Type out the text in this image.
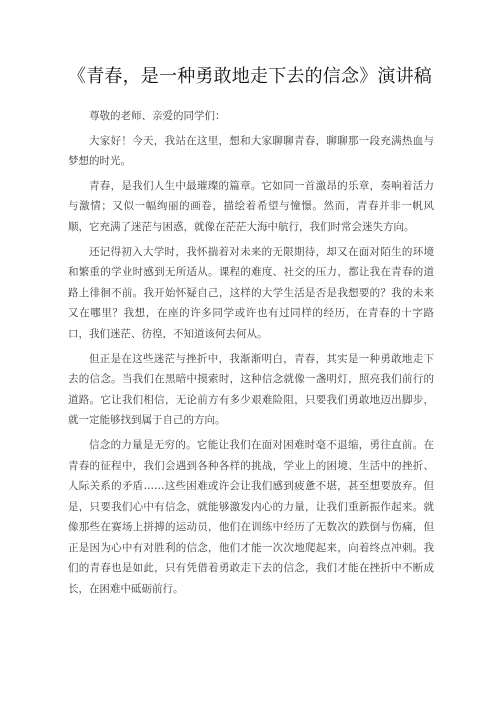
《青春，是一种勇敢地走下去的信念》演讲稿

尊敬的老师、亲爱的同学们：

大家好！今天，我站在这里，想和大家聊聊青春，聊聊那一段充满热血与梦想的时光。

青春，是我们人生中最璀璨的篇章。它如同一首激昂的乐章，奏响着活力与激情；又似一幅绚丽的画卷，描绘着希望与憧憬。然而，青春并非一帆风顺，它充满了迷茫与困惑，就像在茫茫大海中航行，我们时常会迷失方向。

还记得初入大学时，我怀揣着对未来的无限期待，却又在面对陌生的环境和繁重的学业时感到无所适从。课程的难度、社交的压力，都让我在青春的道路上徘徊不前。我开始怀疑自己，这样的大学生活是否是我想要的？我的未来又在哪里？我想，在座的许多同学或许也有过同样的经历，在青春的十字路口，我们迷茫、彷徨，不知道该何去何从。

但正是在这些迷茫与挫折中，我渐渐明白，青春，其实是一种勇敢地走下去的信念。当我们在黑暗中摸索时，这种信念就像一盏明灯，照亮我们前行的道路。它让我们相信，无论前方有多少艰难险阻，只要我们勇敢地迈出脚步，就一定能够找到属于自己的方向。

信念的力量是无穷的。它能让我们在面对困难时毫不退缩，勇往直前。在青春的征程中，我们会遇到各种各样的挑战，学业上的困境、生活中的挫折、人际关系的矛盾……这些困难或许会让我们感到疲惫不堪，甚至想要放弃。但是，只要我们心中有信念，就能够激发内心的力量，让我们重新振作起来。就像那些在赛场上拼搏的运动员，他们在训练中经历了无数次的跌倒与伤痛，但正是因为心中有对胜利的信念，他们才能一次次地爬起来，向着终点冲刺。我们的青春也是如此，只有凭借着勇敢走下去的信念，我们才能在挫折中不断成长，在困难中砥砺前行。
